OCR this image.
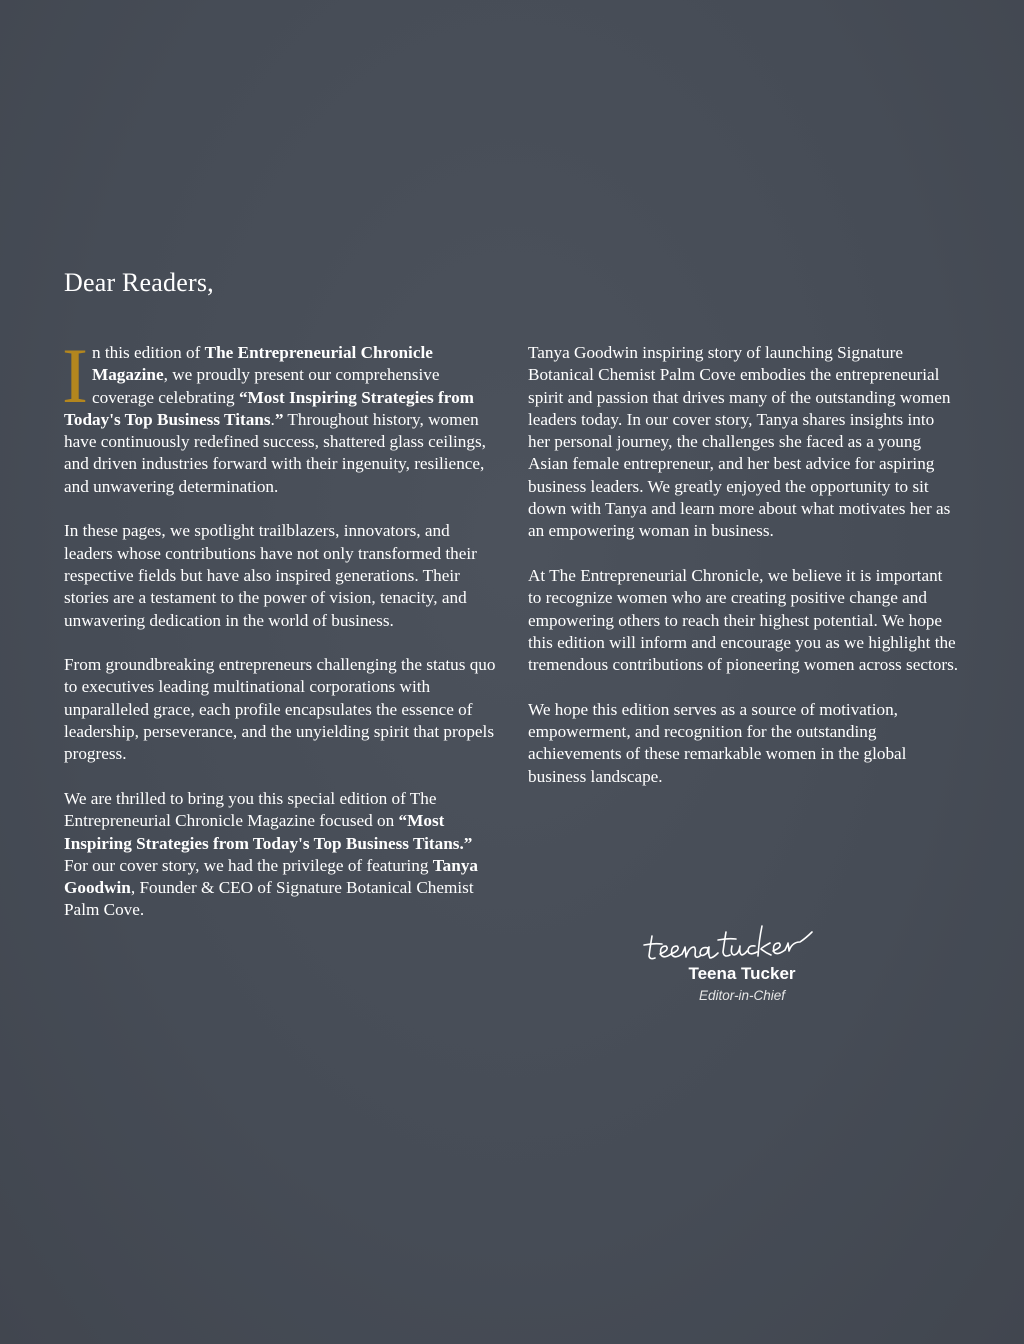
Dear Readers,

In this edition of The Entrepreneurial Chronicle Magazine, we proudly present our comprehensive coverage celebrating “Most Inspiring Strategies from Today's Top Business Titans.” Throughout history, women have continuously redefined success, shattered glass ceilings, and driven industries forward with their ingenuity, resilience, and unwavering determination.

In these pages, we spotlight trailblazers, innovators, and leaders whose contributions have not only transformed their respective fields but have also inspired generations. Their stories are a testament to the power of vision, tenacity, and unwavering dedication in the world of business.

From groundbreaking entrepreneurs challenging the status quo to executives leading multinational corporations with unparalleled grace, each profile encapsulates the essence of leadership, perseverance, and the unyielding spirit that propels progress.

We are thrilled to bring you this special edition of The Entrepreneurial Chronicle Magazine focused on “Most Inspiring Strategies from Today's Top Business Titans.” For our cover story, we had the privilege of featuring Tanya Goodwin, Founder & CEO of Signature Botanical Chemist Palm Cove.

Tanya Goodwin inspiring story of launching Signature Botanical Chemist Palm Cove embodies the entrepreneurial spirit and passion that drives many of the outstanding women leaders today. In our cover story, Tanya shares insights into her personal journey, the challenges she faced as a young Asian female entrepreneur, and her best advice for aspiring business leaders. We greatly enjoyed the opportunity to sit down with Tanya and learn more about what motivates her as an empowering woman in business.

At The Entrepreneurial Chronicle, we believe it is important to recognize women who are creating positive change and empowering others to reach their highest potential. We hope this edition will inform and encourage you as we highlight the tremendous contributions of pioneering women across sectors.

We hope this edition serves as a source of motivation, empowerment, and recognition for the outstanding achievements of these remarkable women in the global business landscape.

Teena Tucker

Editor-in-Chief
